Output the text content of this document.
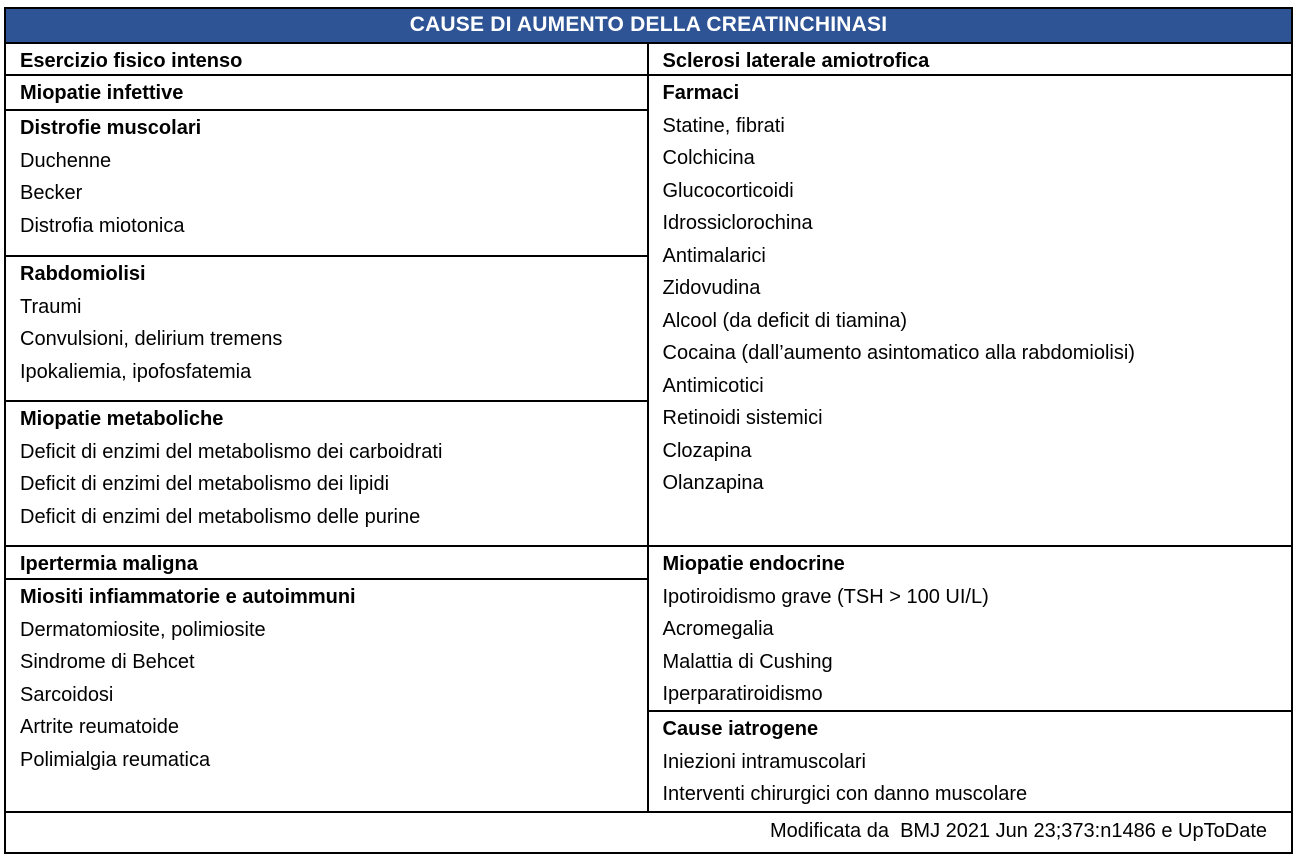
CAUSE DI AUMENTO DELLA CREATINCHINASI
Esercizio fisico intenso
Miopatie infettive
Distrofie muscolari
Duchenne
Becker
Distrofia miotonica
Rabdomiolisi
Traumi
Convulsioni, delirium tremens
Ipokaliemia, ipofosfatemia
Miopatie metaboliche
Deficit di enzimi del metabolismo dei carboidrati
Deficit di enzimi del metabolismo dei lipidi
Deficit di enzimi del metabolismo delle purine
Ipertermia maligna
Miositi infiammatorie e autoimmuni
Dermatomiosite, polimiosite
Sindrome di Behcet
Sarcoidosi
Artrite reumatoide
Polimialgia reumatica
Sclerosi laterale amiotrofica
Farmaci
Statine, fibrati
Colchicina
Glucocorticoidi
Idrossiclorochina
Antimalarici
Zidovudina
Alcool (da deficit di tiamina)
Cocaina (dall’aumento asintomatico alla rabdomiolisi)
Antimicotici
Retinoidi sistemici
Clozapina
Olanzapina
Miopatie endocrine
Ipotiroidismo grave (TSH > 100 UI/L)
Acromegalia
Malattia di Cushing
Iperparatiroidismo
Cause iatrogene
Iniezioni intramuscolari
Interventi chirurgici con danno muscolare
Modificata da  BMJ 2021 Jun 23;373:n1486 e UpToDate
